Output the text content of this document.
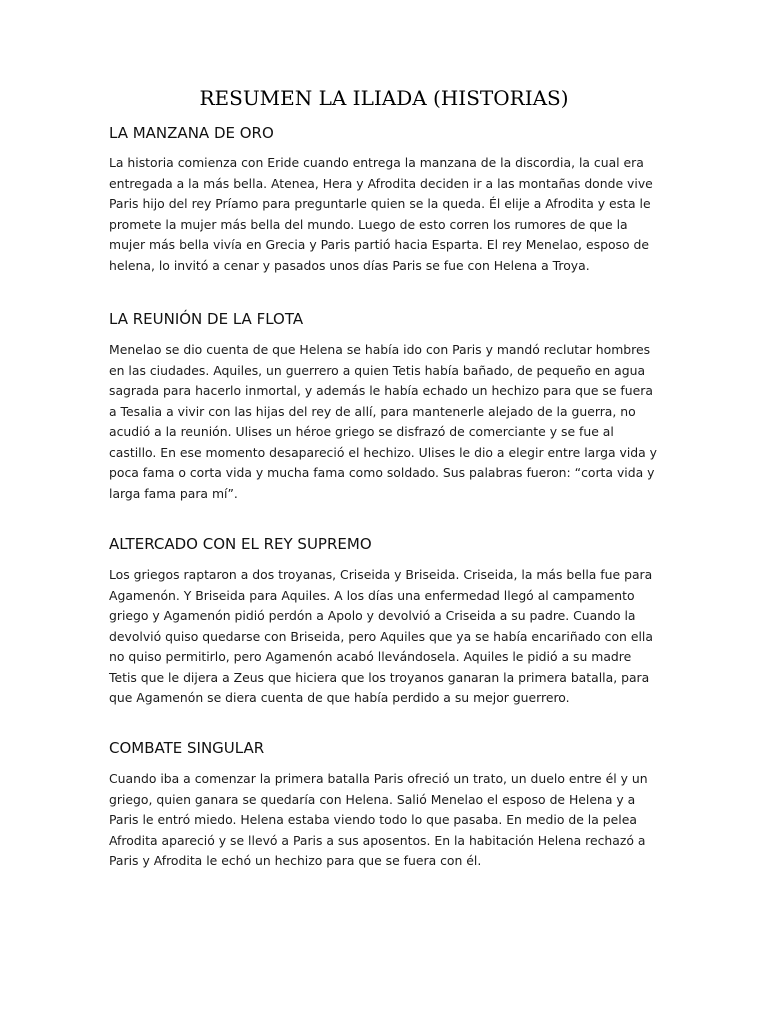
RESUMEN LA ILIADA (HISTORIAS)
LA MANZANA DE ORO
La historia comienza con Eride cuando entrega la manzana de la discordia, la cual era
entregada a la más bella. Atenea, Hera y Afrodita deciden ir a las montañas donde vive
Paris hijo del rey Príamo para preguntarle quien se la queda. Él elije a Afrodita y esta le
promete la mujer más bella del mundo. Luego de esto corren los rumores de que la
mujer más bella vivía en Grecia y Paris partió hacia Esparta. El rey Menelao, esposo de
helena, lo invitó a cenar y pasados unos días Paris se fue con Helena a Troya.
LA REUNIÓN DE LA FLOTA
Menelao se dio cuenta de que Helena se había ido con Paris y mandó reclutar hombres
en las ciudades. Aquiles, un guerrero a quien Tetis había bañado, de pequeño en agua
sagrada para hacerlo inmortal, y además le había echado un hechizo para que se fuera
a Tesalia a vivir con las hijas del rey de allí, para mantenerle alejado de la guerra, no
acudió a la reunión. Ulises un héroe griego se disfrazó de comerciante y se fue al
castillo. En ese momento desapareció el hechizo. Ulises le dio a elegir entre larga vida y
poca fama o corta vida y mucha fama como soldado. Sus palabras fueron: “corta vida y
larga fama para mí”.
ALTERCADO CON EL REY SUPREMO
Los griegos raptaron a dos troyanas, Criseida y Briseida. Criseida, la más bella fue para
Agamenón. Y Briseida para Aquiles. A los días una enfermedad llegó al campamento
griego y Agamenón pidió perdón a Apolo y devolvió a Criseida a su padre. Cuando la
devolvió quiso quedarse con Briseida, pero Aquiles que ya se había encariñado con ella
no quiso permitirlo, pero Agamenón acabó llevándosela. Aquiles le pidió a su madre
Tetis que le dijera a Zeus que hiciera que los troyanos ganaran la primera batalla, para
que Agamenón se diera cuenta de que había perdido a su mejor guerrero.
COMBATE SINGULAR
Cuando iba a comenzar la primera batalla Paris ofreció un trato, un duelo entre él y un
griego, quien ganara se quedaría con Helena. Salió Menelao el esposo de Helena y a
Paris le entró miedo. Helena estaba viendo todo lo que pasaba. En medio de la pelea
Afrodita apareció y se llevó a Paris a sus aposentos. En la habitación Helena rechazó a
Paris y Afrodita le echó un hechizo para que se fuera con él.
